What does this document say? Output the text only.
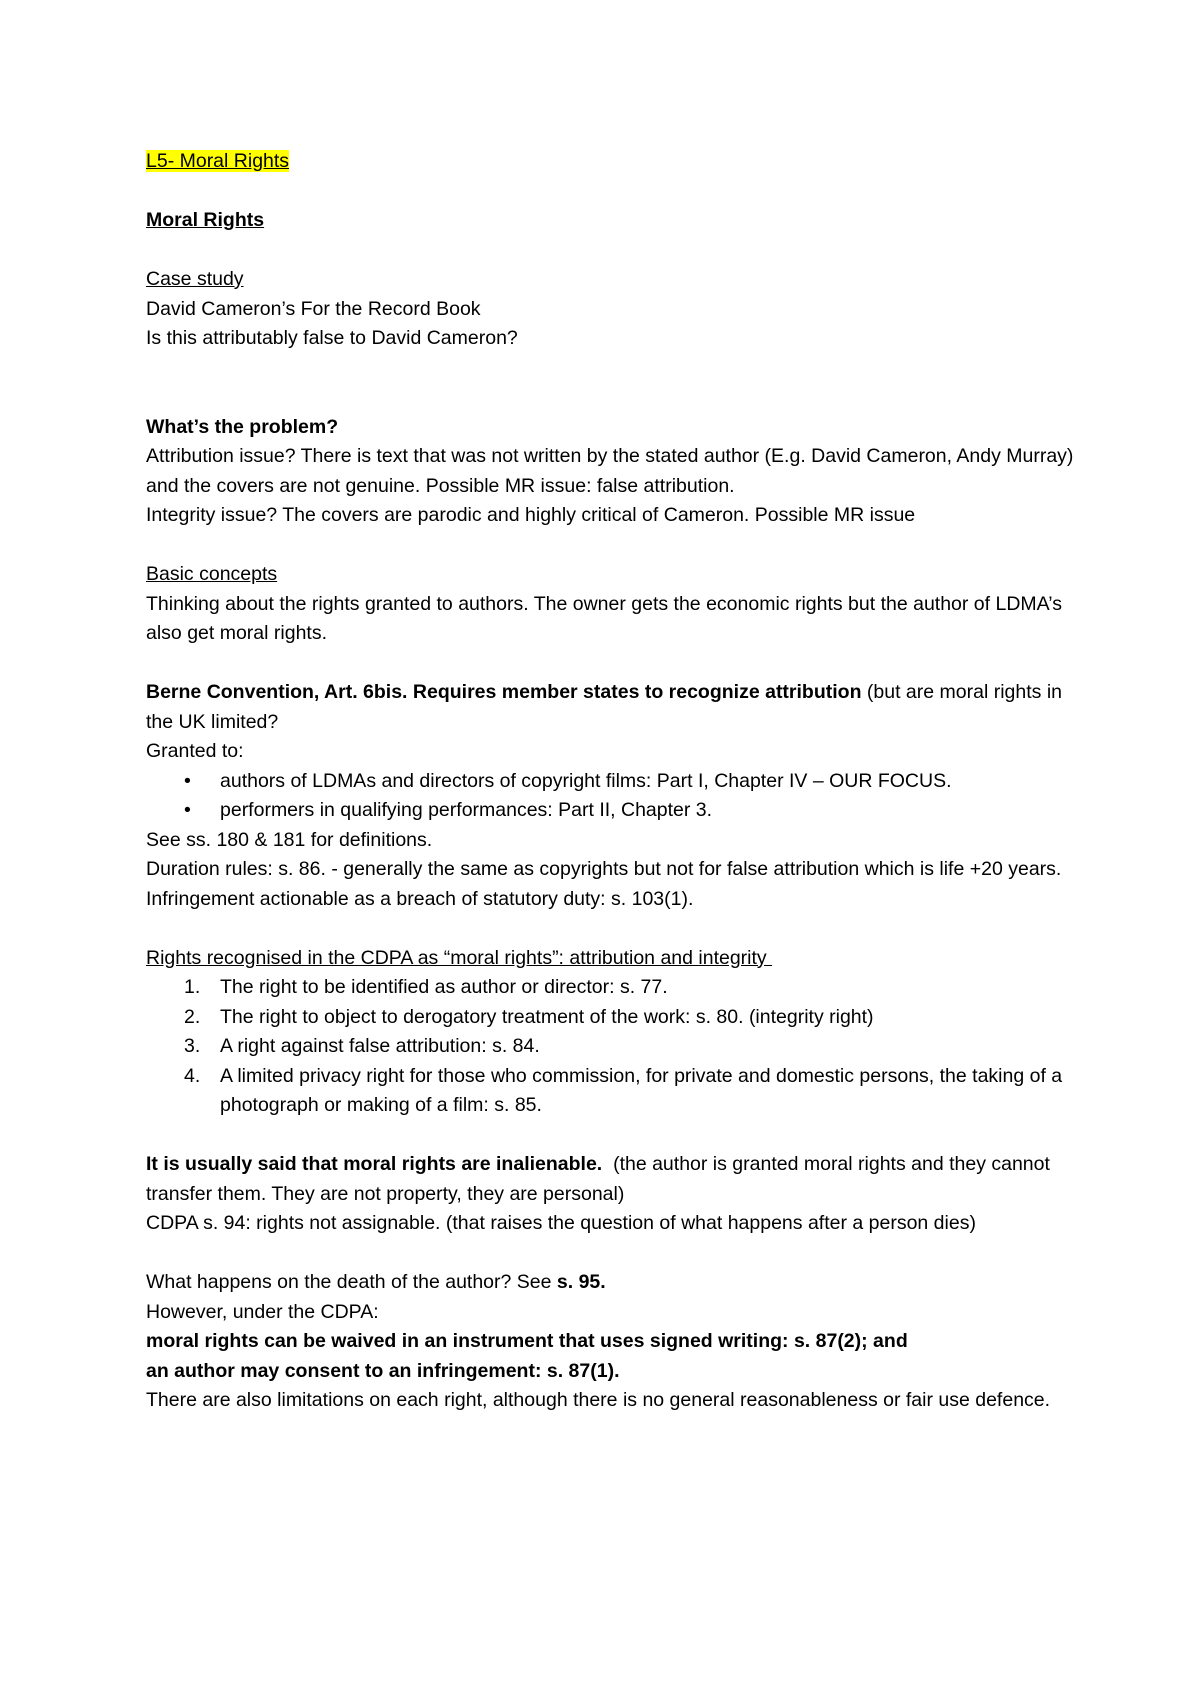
L5- Moral Rights
Moral Rights
Case study
David Cameron’s For the Record Book
Is this attributably false to David Cameron?
What’s the problem?
Attribution issue? There is text that was not written by the stated author (E.g. David Cameron, Andy Murray) and the covers are not genuine. Possible MR issue: false attribution.
Integrity issue? The covers are parodic and highly critical of Cameron. Possible MR issue
Basic concepts
Thinking about the rights granted to authors. The owner gets the economic rights but the author of LDMA’s also get moral rights.
Berne Convention, Art. 6bis. Requires member states to recognize attribution (but are moral rights in the UK limited?
Granted to:
• authors of LDMAs and directors of copyright films: Part I, Chapter IV – OUR FOCUS.
• performers in qualifying performances: Part II, Chapter 3.
See ss. 180 & 181 for definitions.
Duration rules: s. 86. - generally the same as copyrights but not for false attribution which is life +20 years.
Infringement actionable as a breach of statutory duty: s. 103(1).
Rights recognised in the CDPA as “moral rights”: attribution and integrity
1. The right to be identified as author or director: s. 77.
2. The right to object to derogatory treatment of the work: s. 80. (integrity right)
3. A right against false attribution: s. 84.
4. A limited privacy right for those who commission, for private and domestic persons, the taking of a photograph or making of a film: s. 85.
It is usually said that moral rights are inalienable.  (the author is granted moral rights and they cannot transfer them. They are not property, they are personal)
CDPA s. 94: rights not assignable. (that raises the question of what happens after a person dies)
What happens on the death of the author? See s. 95.
However, under the CDPA:
moral rights can be waived in an instrument that uses signed writing: s. 87(2); and
an author may consent to an infringement: s. 87(1).
There are also limitations on each right, although there is no general reasonableness or fair use defence.
